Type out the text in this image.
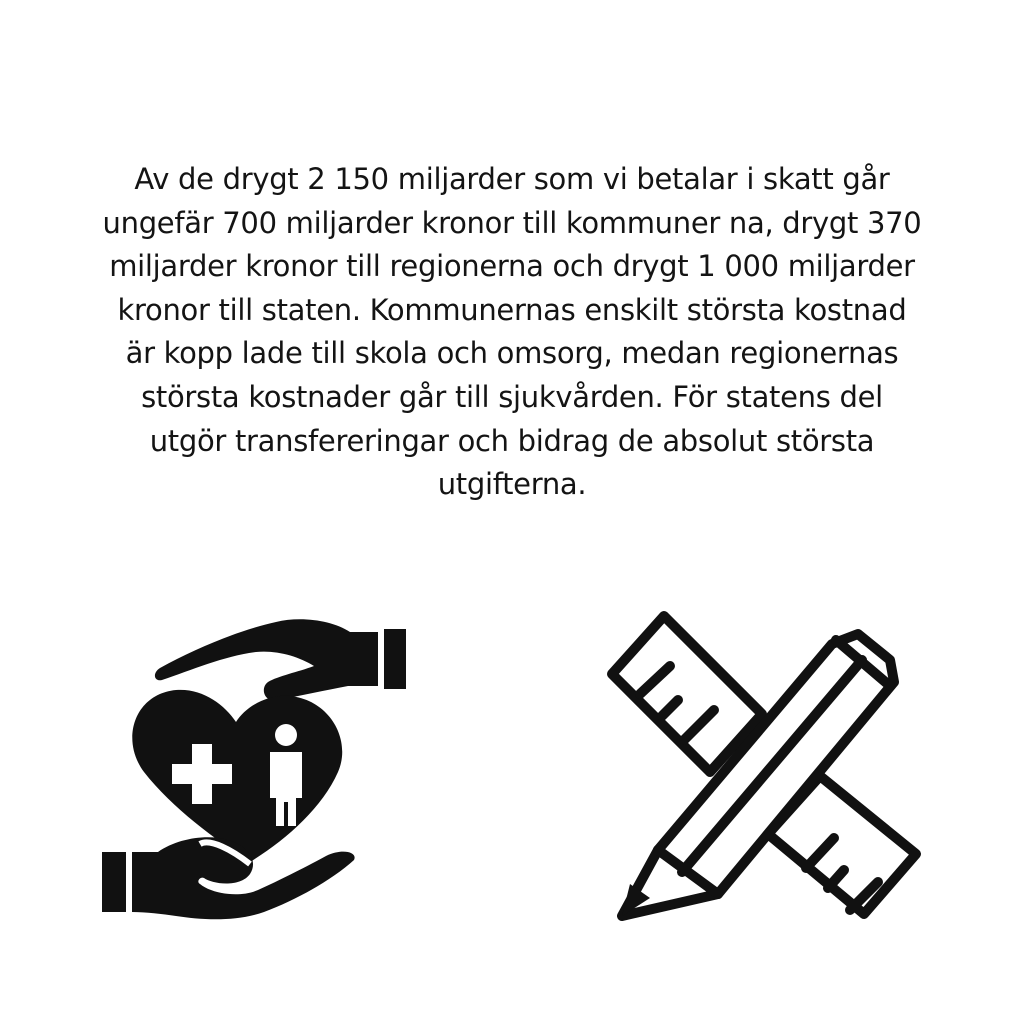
Av de drygt 2 150 miljarder som vi betalar i skatt går ungefär 700 miljarder kronor till kommuner na, drygt 370 miljarder kronor till regionerna och drygt 1 000 miljarder kronor till staten. Kommunernas enskilt största kostnad är kopp lade till skola och omsorg, medan regionernas största kostnader går till sjukvården. För statens del utgör transfereringar och bidrag de absolut största utgifterna.
